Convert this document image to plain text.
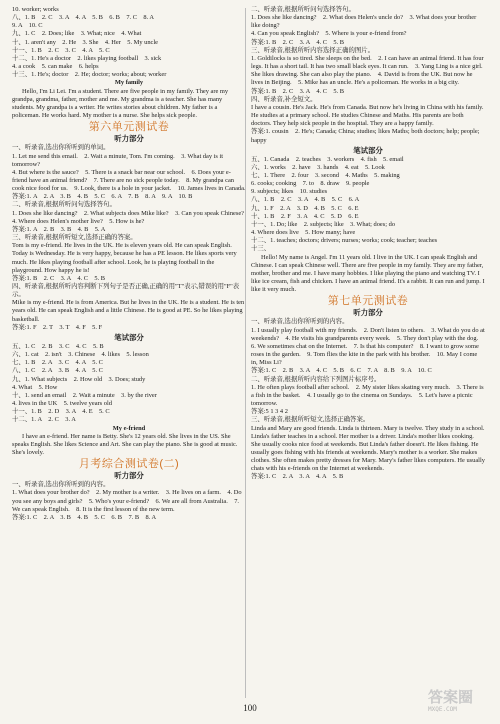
10. worker; works
八、1. B　2. C　3. A　4. A　5. B　6. B　7. C　8. A
9. A　10. C
九、1. C　2. Does; like　3. What; nice　4. What
十、1. aren't any　2. He　3. She　4. Her　5. My uncle
十一、1. B　2. C　3. C　4. A　5. C
十二、1. He's a doctor　2. likes playing football　3. sick
4. a cook　5. can make　6. helps
十三、1. He's; doctor　2. He; doctor; works; about; worker
My family
Hello, I'm Li Lei. I'm a student. There are five people in my family. They are my grandpa, grandma, father, mother and me. My grandma is a teacher. She has many students. My grandpa is a writer. He writes stories about children. My father is a policeman. He works hard. My mother is a nurse. She helps sick people.
第六单元测试卷
听力部分
一、听录音,选出你所听到的单词。
1. Let me send this email.　2. Wait a minute, Tom. I'm coming.　3. What day is it tomorrow?
4. But where is the sauce?　5. There is a snack bar near our school.　6. Does your e-friend have an animal friend?　7. There are no sick people today.　8. My grandpa can cook nice food for us.　9. Look, there is a hole in your jacket.　10. James lives in Canada.
答案:1. A　2. A　3. B　4. B　5. C　6. A　7. B　8. A　9. A　10. B
二、听录音,根据所听问句选择答句。
1. Does she like dancing?　2. What subjects does Mike like?　3. Can you speak Chinese?　4. Where does Helen's mother live?　5. How is he?
答案:1. A　2. B　3. B　4. B　5. A
三、听录音,根据所听短文,选择正确的答案。
Tom is my e-friend. He lives in the UK. He is eleven years old. He can speak English. Today is Wednesday. He is very happy, because he has a PE lesson. He likes sports very much. He likes playing football after school. Look, he is playing football in the playground. How happy he is!
答案:1. B　2. C　3. A　4. C　5. B
四、听录音,根据所听内容判断下列句子是否正确,正确的用"T"表示,错误的用"F"表示。
Mike is my e-friend. He is from America. But he lives in the UK. He is a student. He is ten years old. He can speak English and a little Chinese. He is good at PE. So he likes playing basketball.
答案:1. F　2. T　3. T　4. F　5. F
笔试部分
五、1. C　2. B　3. C　4. C　5. B
六、1. cat　2. isn't　3. Chinese　4. likes　5. lesson
七、1. B　2. A　3. C　4. A　5. C
八、1. C　2. A　3. B　4. A　5. C
九、1. What subjects　2. How old　3. Does; study
4. What　5. How
十、1. send an email　2. Wait a minute　3. by the river
4. lives in the UK　5. twelve years old
十一、1. B　2. D　3. A　4. E　5. C
十二、1. A　2. C　3. A
My e-friend
I have an e-friend. Her name is Betty. She's 12 years old. She lives in the US. She speaks English. She likes Science and Art. She can play the piano. She is good at music. She's lovely.
月考综合测试卷(二)
听力部分
一、听录音,选出你所听到的内容。
1. What does your brother do?　2. My mother is a writer.　3. He lives on a farm.　4. Do you see any boys and girls?　5. Who's your e-friend?　6. We are all from Australia.　7. We can speak English.　8. It is the first lesson of the new term.
答案:1. C　2. A　3. B　4. B　5. C　6. B　7. B　8. A
二、听录音,根据所听问句选择答句。
1. Does she like dancing?　2. What does Helen's uncle do?　3. What does your brother like doing?
4. Can you speak English?　5. Where is your e-friend from?
答案:1. B　2. C　3. A　4. C　5. B
三、听录音,根据所听内容选择正确的图片。
1. Goldilocks is so tired. She sleeps on the bed.　2. I can have an animal friend. It has four legs. It has a short tail. It has two small black eyes. It can run.　3. Yang Ling is a nice girl. She likes drawing. She can also play the piano.　4. David is from the UK. But now he lives in Beijing.　5. Mike has an uncle. He's a policeman. He works in a big city.
答案:1. B　2. C　3. A　4. C　5. B
四、听录音,补全短文。
I have a cousin. He's Jack. He's from Canada. But now he's living in China with his family. He studies at a primary school. He studies Chinese and Maths. His parents are both doctors. They help sick people in the hospital. They are a happy family.
答案:1. cousin　2. He's; Canada; China; studies; likes Maths; both doctors; help; people; happy
笔试部分
五、1. Canada　2. teaches　3. workers　4. fish　5. email
六、1. works　2. have　3. hands　4. eat　5. Look
七、1. There　2. four　3. second　4. Maths　5. making
6. cooks; cooking　7. to　8. draw　9. people
9. subjects; likes　10. studies
八、1. B　2. C　3. A　4. B　5. C　6. A
九、1. F　2. A　3. D　4. B　5. C　6. E
十、1. B　2. F　3. A　4. C　5. D　6. E
十一、1. Do; like　2. subjects; like　3. What; does; do
4. Where does live　5. How many; have
十二、1. teaches; doctors; drivers; nurses; works; cook; teacher; teaches
十三、
Hello! My name is Angel. I'm 11 years old. I live in the UK. I can speak English and Chinese. I can speak Chinese well. There are five people in my family. They are my father, mother, brother and me. I have many hobbies. I like playing the piano and watching TV. I like ice cream, fish and chicken. I have an animal friend. It's a rabbit. It can run and jump. I like it very much.
第七单元测试卷
听力部分
一、听录音,选出你所听到的内容。
1. I usually play football with my friends.　2. Don't listen to others.　3. What do you do at weekends?　4. He visits his grandparents every week.　5. They don't play with the dog.　6. We sometimes chat on the Internet.　7. Is that his computer?　8. I want to grow some roses in the garden.　9. Tom flies the kite in the park with his brother.　10. May I come in, Miss Li?
答案:1. C　2. B　3. A　4. C　5. B　6. C　7. A　8. B　9. A　10. C
二、听录音,根据所听内容给下列图片标序号。
1. He often plays football after school.　2. My sister likes skating very much.　3. There is a fish in the basket.　4. I usually go to the cinema on Sundays.　5. Let's have a picnic tomorrow.
答案:5 1 3 4 2
三、听录音,根据所听短文,选择正确答案。
Linda and Mary are good friends. Linda is thirteen. Mary is twelve. They study in a school.
Linda's father teaches in a school. Her mother is a driver. Linda's mother likes cooking. She usually cooks nice food at weekends. But Linda's father doesn't. He likes fishing. He usually goes fishing with his friends at weekends. Mary's mother is a worker. She makes clothes. She often makes pretty dresses for Mary. Mary's father likes computers. He usually chats with his e-friends on the Internet at weekends.
答案:1. C　2. A　3. A　4. A　5. B
100
答案圈
MXQE.COM
